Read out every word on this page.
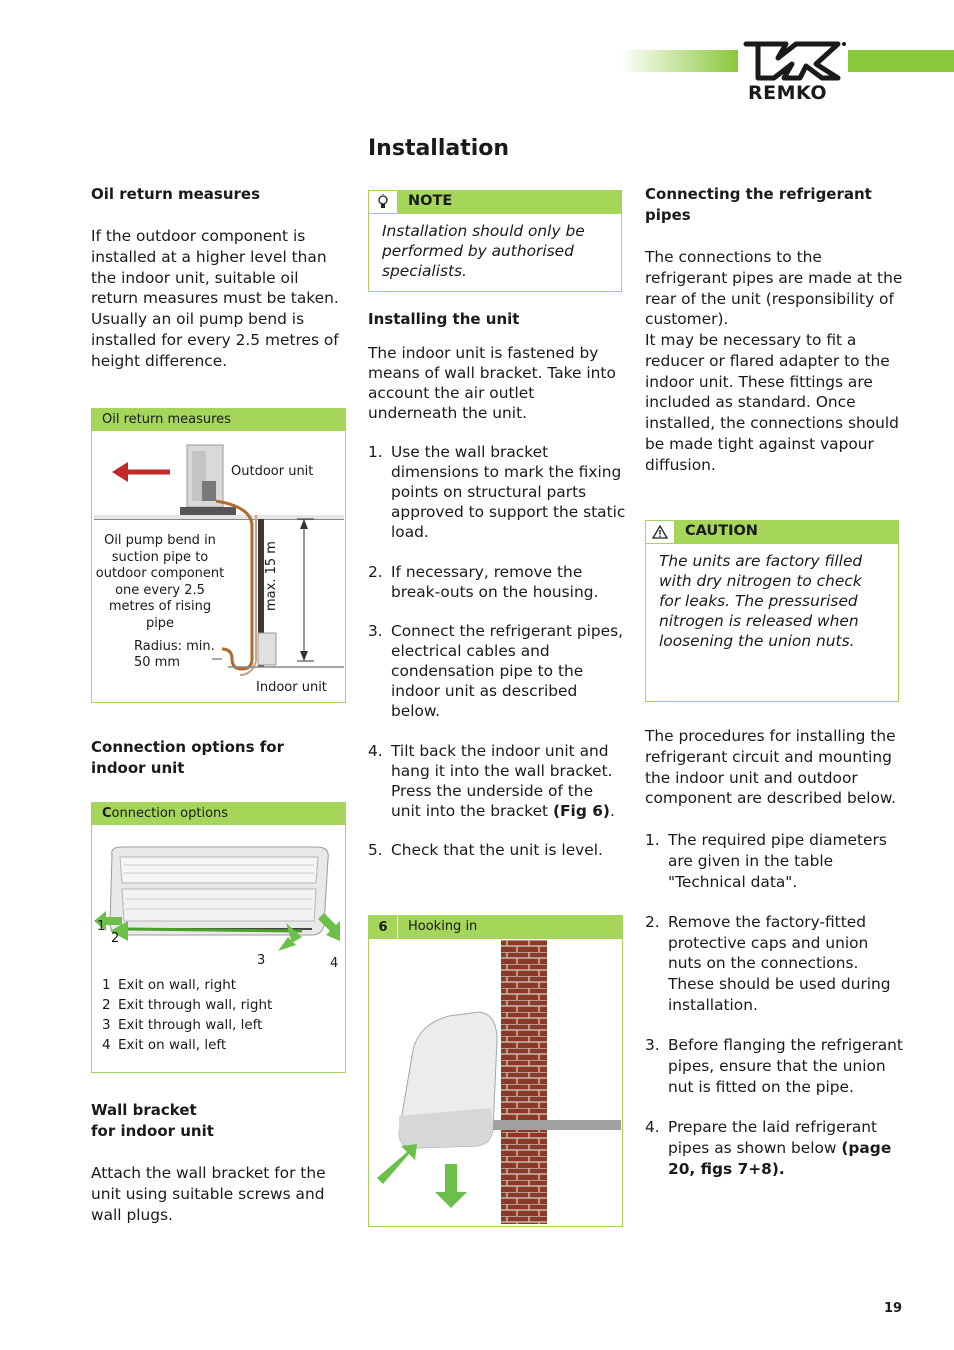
REMKO
Installation
Oil return measures
If the outdoor component is installed at a higher level than the indoor unit, suitable oil return measures must be taken. Usually an oil pump bend is installed for every 2.5 metres of height difference.
Oil return measures
Outdoor unit
Oil pump bend in suction pipe to outdoor component one every 2.5 metres of rising pipe
Radius: min. 50 mm
max. 15 m
Indoor unit
Connection options for indoor unit
Connection options
1
2
3	4
1 Exit on wall, right
2 Exit through wall, right
3 Exit through wall, left
4 Exit on wall, left
Wall bracket
for indoor unit
Attach the wall bracket for the unit using suitable screws and wall plugs.
NOTE
Installation should only be performed by authorised specialists.
Installing the unit
The indoor unit is fastened by means of wall bracket. Take into account the air outlet underneath the unit.
1. Use the wall bracket dimensions to mark the fixing points on structural parts approved to support the static load.
2. If necessary, remove the break-outs on the housing.
3. Connect the refrigerant pipes, electrical cables and condensation pipe to the indoor unit as described below.
4. Tilt back the indoor unit and hang it into the wall bracket. Press the underside of the unit into the bracket (Fig 6).
5. Check that the unit is level.
6	Hooking in
Connecting the refrigerant pipes
The connections to the refrigerant pipes are made at the rear of the unit (responsibility of customer).
It may be necessary to fit a reducer or flared adapter to the indoor unit. These fittings are included as standard. Once installed, the connections should be made tight against vapour diffusion.
CAUTION
The units are factory filled with dry nitrogen to check for leaks. The pressurised nitrogen is released when loosening the union nuts.
The procedures for installing the refrigerant circuit and mounting the indoor unit and outdoor component are described below.
1. The required pipe diameters are given in the table "Technical data".
2. Remove the factory-fitted protective caps and union nuts on the connections. These should be used during installation.
3. Before flanging the refrigerant pipes, ensure that the union nut is fitted on the pipe.
4. Prepare the laid refrigerant pipes as shown below (page 20, figs 7+8).
19
